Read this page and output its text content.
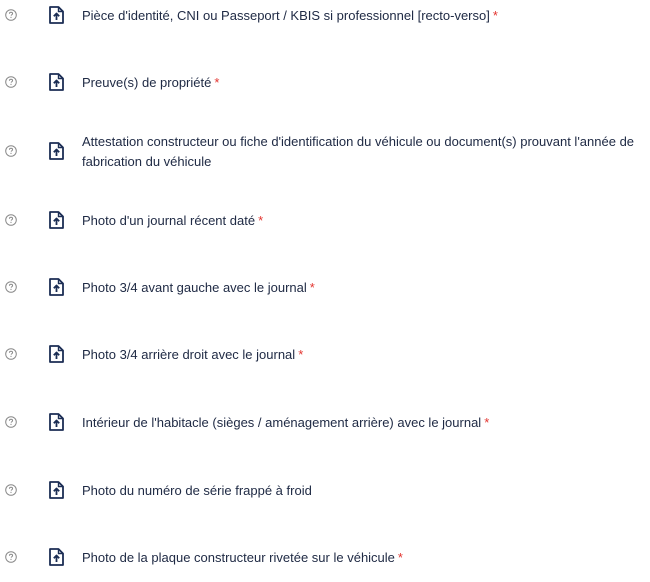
Pièce d'identité, CNI ou Passeport / KBIS si professionnel [recto-verso] *
Preuve(s) de propriété *
Attestation constructeur ou fiche d'identification du véhicule ou document(s) prouvant l'année de fabrication du véhicule
Photo d'un journal récent daté *
Photo 3/4 avant gauche avec le journal *
Photo 3/4 arrière droit avec le journal *
Intérieur de l'habitacle (sièges / aménagement arrière) avec le journal *
Photo du numéro de série frappé à froid
Photo de la plaque constructeur rivetée sur le véhicule *
